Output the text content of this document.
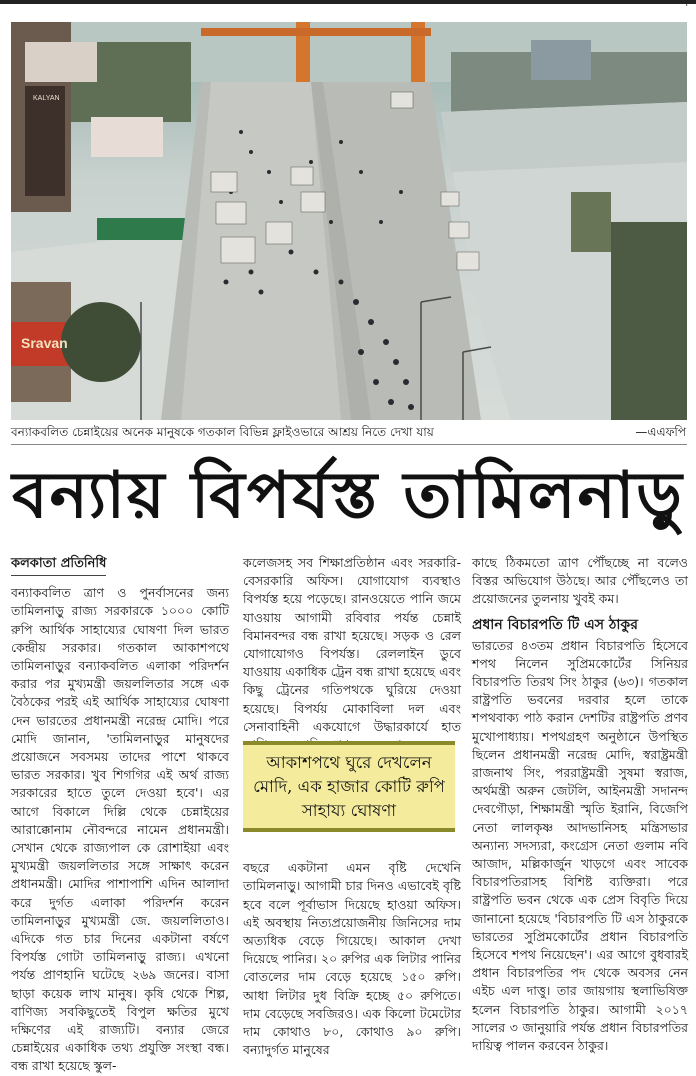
।
Sravan
KALYAN
বন্যাকবলিত চেন্নাইয়ের অনেক মানুষকে গতকাল বিভিন্ন ফ্লাইওভারে আশ্রয় নিতে দেখা যায়	—এএফপি
বন্যায় বিপর্যস্ত তামিলনাড়ু
কলকাতা প্রতিনিধি

বন্যাকবলিত ত্রাণ ও পুনর্বাসনের জন্য তামিলনাড়ু রাজ্য সরকারকে ১০০০ কোটি রুপি আর্থিক সাহায্যের ঘোষণা দিল ভারত কেন্দ্রীয় সরকার। গতকাল আকাশপথে তামিলনাড়ুর বন্যাকবলিত এলাকা পরিদর্শন করার পর মুখ্যমন্ত্রী জয়ললিতার সঙ্গে এক বৈঠকের পরই এই আর্থিক সাহায্যের ঘোষণা দেন ভারতের প্রধানমন্ত্রী নরেন্দ্র মোদি। পরে মোদি জানান, 'তামিলনাড়ুর মানুষদের প্রয়োজনে সবসময় তাদের পাশে থাকবে ভারত সরকার। খুব শিগগির এই অর্থ রাজ্য সরকারের হাতে তুলে দেওয়া হবে'। এর আগে বিকালে দিল্লি থেকে চেন্নাইয়ের আরাক্কোনাম নৌবন্দরে নামেন প্রধানমন্ত্রী। সেখান থেকে রাজ্যপাল কে রোশাইয়া এবং মুখ্যমন্ত্রী জয়ললিতার সঙ্গে সাক্ষাৎ করেন প্রধানমন্ত্রী। মোদির পাশাপাশি এদিন আলাদা করে দুর্গত এলাকা পরিদর্শন করেন তামিলনাড়ুর মুখ্যমন্ত্রী জে. জয়ললিতাও। এদিকে গত চার দিনের একটানা বর্ষণে বিপর্যস্ত গোটা তামিলনাড়ু রাজ্য। এখনো পর্যন্ত প্রাণহানি ঘটেছে ২৬৯ জনের। বাসা ছাড়া কয়েক লাখ মানুষ। কৃষি থেকে শিল্প, বাণিজ্য সবকিছুতেই বিপুল ক্ষতির মুখে দক্ষিণের এই রাজ্যটি। বন্যার জেরে চেন্নাইয়ের একাধিক তথ্য প্রযুক্তি সংস্থা বন্ধ। বন্ধ রাখা হয়েছে স্কুল-

কলেজসহ সব শিক্ষাপ্রতিষ্ঠান এবং সরকারি-বেসরকারি অফিস। যোগাযোগ ব্যবস্থাও বিপর্যস্ত হয়ে পড়েছে। রানওয়েতে পানি জমে যাওয়ায় আগামী রবিবার পর্যন্ত চেন্নাই বিমানবন্দর বন্ধ রাখা হয়েছে। সড়ক ও রেল যোগাযোগও বিপর্যস্ত। রেললাইন ডুবে যাওয়ায় একাধিক ট্রেন বন্ধ রাখা হয়েছে এবং কিছু ট্রেনের গতিপথকে ঘুরিয়ে দেওয়া হয়েছে। বিপর্যয় মোকাবিলা দল এবং সেনাবাহিনী একযোগে উদ্ধারকার্যে হাত

বছরে একটানা এমন বৃষ্টি দেখেনি তামিলনাড়ু। আগামী চার দিনও এভাবেই বৃষ্টি হবে বলে পূর্বাভাস দিয়েছে হাওয়া অফিস। এই অবস্থায় নিত্যপ্রয়োজনীয় জিনিসের দাম অত্যধিক বেড়ে গিয়েছে। আকাল দেখা দিয়েছে পানির। ২০ রুপির এক লিটার পানির বোতলের দাম বেড়ে হয়েছে ১৫০ রুপি। আধা লিটার দুধ বিক্রি হচ্ছে ৫০ রুপিতে। দাম বেড়েছে সবজিরও। এক কিলো টমেটোর দাম কোথাও ৮০, কোথাও ৯০ রুপি। বন্যাদুর্গত মানুষের

আকাশপথে ঘুরে দেখলেন মোদি, এক হাজার কোটি রুপি সাহায্য ঘোষণা

কাছে ঠিকমতো ত্রাণ পৌঁছচ্ছে না বলেও বিস্তর অভিযোগ উঠছে। আর পৌঁছলেও তা প্রয়োজনের তুলনায় খুবই কম।

প্রধান বিচারপতি টি এস ঠাকুর

ভারতের ৪৩তম প্রধান বিচারপতি হিসেবে শপথ নিলেন সুপ্রিমকোর্টের সিনিয়র বিচারপতি তিরথ সিং ঠাকুর (৬৩)। গতকাল রাষ্ট্রপতি ভবনের দরবার হলে তাকে শপথবাক্য পাঠ করান দেশটির রাষ্ট্রপতি প্রণব মুখোপাধ্যায়। শপথগ্রহণ অনুষ্ঠানে উপস্থিত ছিলেন প্রধানমন্ত্রী নরেন্দ্র মোদি, স্বরাষ্ট্রমন্ত্রী রাজনাথ সিং, পররাষ্ট্রমন্ত্রী সুষমা স্বরাজ, অর্থমন্ত্রী অরুন জেটলি, আইনমন্ত্রী সদানন্দ দেবগৌড়া, শিক্ষামন্ত্রী স্মৃতি ইরানি, বিজেপি নেতা লালকৃষ্ণ আদভানিসহ মন্ত্রিসভার অন্যান্য সদস্যরা, কংগ্রেস নেতা গুলাম নবি আজাদ, মল্লিকার্জুন খাড়গে এবং সাবেক বিচারপতিরাসহ বিশিষ্ট ব্যক্তিরা। পরে রাষ্ট্রপতি ভবন থেকে এক প্রেস বিবৃতি দিয়ে জানানো হয়েছে 'বিচারপতি টি এস ঠাকুরকে ভারতের সুপ্রিমকোর্টের প্রধান বিচারপতি হিসেবে শপথ নিয়েছেন'। এর আগে বুধবারই প্রধান বিচারপতির পদ থেকে অবসর নেন এইচ এল দাত্তু। তার জায়গায় স্থলাভিষিক্ত হলেন বিচারপতি ঠাকুর। আগামী ২০১৭ সালের ৩ জানুয়ারি পর্যন্ত প্রধান বিচারপতির দায়িত্ব পালন করবেন ঠাকুর।
